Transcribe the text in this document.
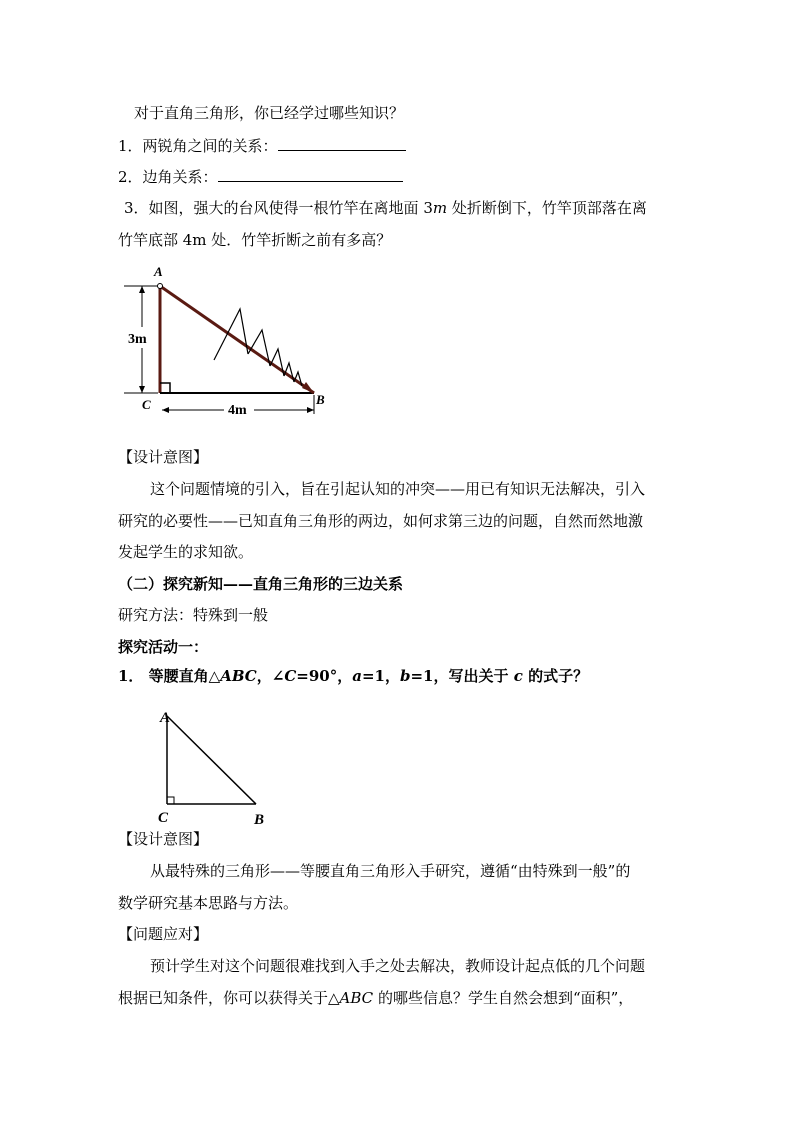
对于直角三角形，你已经学过哪些知识？
1．两锐角之间的关系：
2．边角关系：
3．如图，强大的台风使得一根竹竿在离地面 3m 处折断倒下，竹竿顶部落在离
竹竿底部 4m 处．竹竿折断之前有多高？
3m
4m
A
C	B
【设计意图】
这个问题情境的引入，旨在引起认知的冲突——用已有知识无法解决，引入
研究的必要性——已知直角三角形的两边，如何求第三边的问题，自然而然地激
发起学生的求知欲。
（二）探究新知——直角三角形的三边关系
研究方法：特殊到一般
探究活动一：
1． 等腰直角△ABC，∠C=90°，a=1，b=1，写出关于 c 的式子？
A
C	B
【设计意图】
从最特殊的三角形——等腰直角三角形入手研究，遵循“由特殊到一般”的
数学研究基本思路与方法。
【问题应对】
预计学生对这个问题很难找到入手之处去解决，教师设计起点低的几个问题
根据已知条件，你可以获得关于△ABC 的哪些信息？学生自然会想到“面积”，
